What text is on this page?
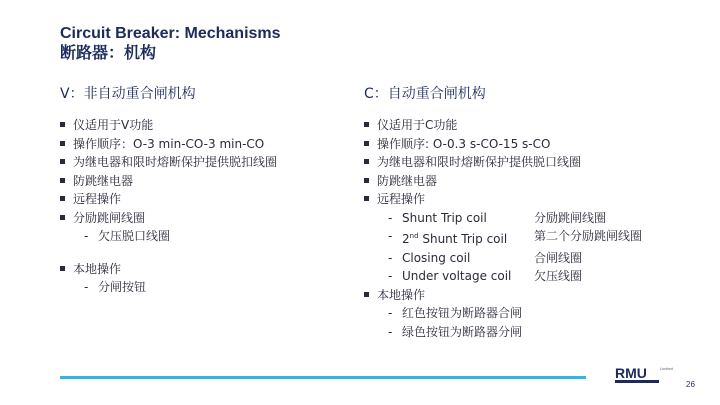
Circuit Breaker: Mechanisms
断路器：机构
V：非自动重合闸机构
仪适用于V功能
操作顺序：O-3 min-CO-3 min-CO
为继电器和限时熔断保护提供脱扣线圈
防跳继电器
远程操作
分励跳闸线圈
- 欠压脱口线圈
本地操作
- 分闸按钮
C：自动重合闸机构
仪适用于C功能
操作顺序: O-0.3 s-CO-15 s-CO
为继电器和限时熔断保护提供脱口线圈
防跳继电器
远程操作
- Shunt Trip coil	分励跳闸线圈
- 2nd Shunt Trip coil	第二个分励跳闸线圈
- Closing coil	合闸线圈
- Under voltage coil	欠压线圈
本地操作
- 红色按钮为断路器合闸
- 绿色按钮为断路器分闸
RMU	Limited
26
